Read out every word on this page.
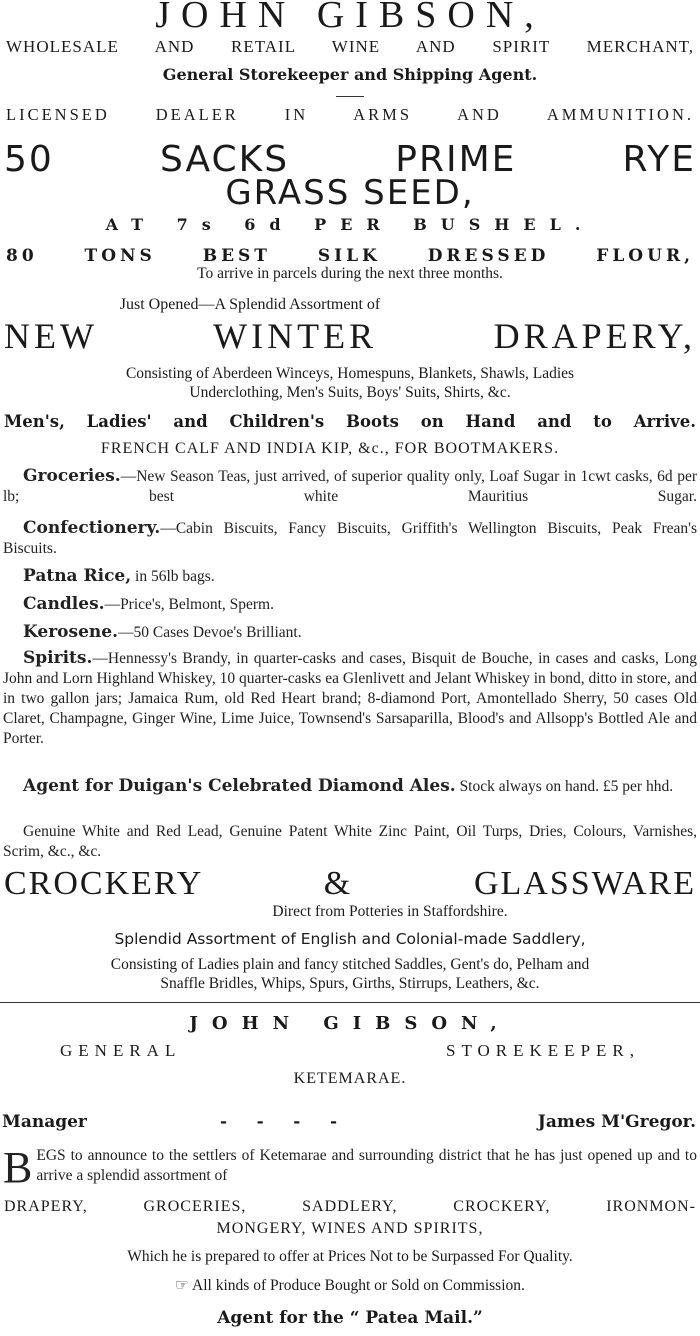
JOHN GIBSON,
WHOLESALE AND RETAIL WINE AND SPIRIT MERCHANT,
General Storekeeper and Shipping Agent.
LICENSED DEALER IN ARMS AND AMMUNITION.
50 SACKS PRIME RYE
GRASS SEED,
AT 7s 6d PER BUSHEL.
80 TONS BEST SILK DRESSED FLOUR,
To arrive in parcels during the next three months.
Just Opened—A Splendid Assortment of
NEW WINTER DRAPERY,
Consisting of Aberdeen Winceys, Homespuns, Blankets, Shawls, Ladies
Underclothing, Men's Suits, Boys' Suits, Shirts, &c.
Men's, Ladies' and Children's Boots on Hand and to Arrive.
FRENCH CALF AND INDIA KIP, &c., FOR BOOTMAKERS.

Groceries.—New Season Teas, just arrived, of superior quality only, Loaf Sugar in 1cwt casks, 6d per lb; best white Mauritius Sugar.

Confectionery.—Cabin Biscuits, Fancy Biscuits, Griffith's Wellington Biscuits, Peak Frean's Biscuits.

Patna Rice, in 56lb bags.

Candles.—Price's, Belmont, Sperm.

Kerosene.—50 Cases Devoe's Brilliant.

Spirits.—Hennessy's Brandy, in quarter-casks and cases, Bisquit de Bouche, in cases and casks, Long John and Lorn Highland Whiskey, 10 quarter-casks ea Glenlivett and Jelant Whiskey in bond, ditto in store, and in two gallon jars; Jamaica Rum, old Red Heart brand; 8-diamond Port, Amontellado Sherry, 50 cases Old Claret, Champagne, Ginger Wine, Lime Juice, Townsend's Sarsaparilla, Blood's and Allsopp's Bottled Ale and Porter.

Agent for Duigan's Celebrated Diamond Ales. Stock always on hand. £5 per hhd.

Genuine White and Red Lead, Genuine Patent White Zinc Paint, Oil Turps, Dries, Colours, Varnishes, Scrim, &c., &c.

CROCKERY & GLASSWARE
Direct from Potteries in Staffordshire.
Splendid Assortment of English and Colonial-made Saddlery,
Consisting of Ladies plain and fancy stitched Saddles, Gent's do, Pelham and
Snaffle Bridles, Whips, Spurs, Girths, Stirrups, Leathers, &c.
JOHN GIBSON,
GENERAL STOREKEEPER,
KETEMARAE.
Manager	-     -     -     -	James M'Gregor.
BEGS to announce to the settlers of Ketemarae and surrounding district that he has just opened up and to arrive a splendid assortment of
DRAPERY, GROCERIES, SADDLERY, CROCKERY, IRONMON-
MONGERY, WINES AND SPIRITS,
Which he is prepared to offer at Prices Not to be Surpassed For Quality.
☞ All kinds of Produce Bought or Sold on Commission.
Agent for the “ Patea Mail.”
